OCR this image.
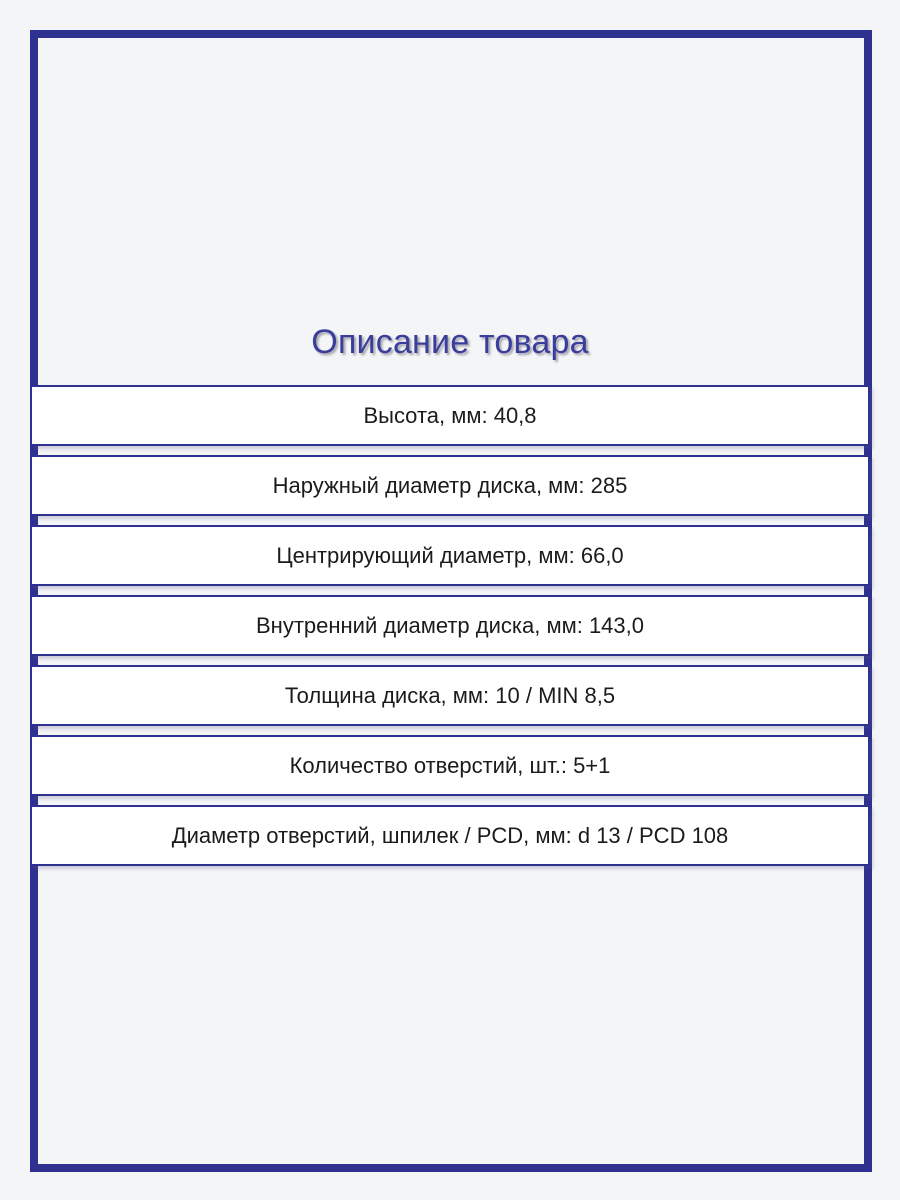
Описание товара
Высота, мм: 40,8
Наружный диаметр диска, мм: 285
Центрирующий диаметр, мм: 66,0
Внутренний диаметр диска, мм: 143,0
Толщина диска, мм: 10 / MIN 8,5
Количество отверстий, шт.: 5+1
Диаметр отверстий, шпилек / PCD, мм: d 13 / PCD 108
